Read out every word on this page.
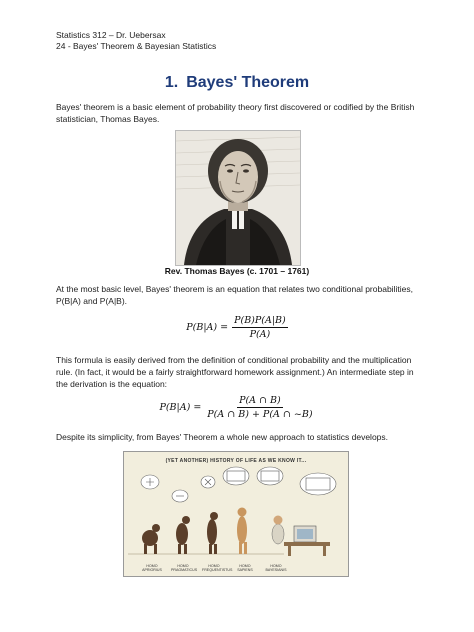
Statistics 312 – Dr. Uebersax
24 - Bayes' Theorem & Bayesian Statistics
1. Bayes' Theorem
Bayes' theorem is a basic element of probability theory first discovered or codified by the British statistician, Thomas Bayes.
Rev. Thomas Bayes (c. 1701 – 1761)
At the most basic level, Bayes' theorem is an equation that relates two conditional probabilities, P(B|A) and P(A|B).
$P(B|A) = \frac{P(B)P(A|B)}{P(A)}$
This formula is easily derived from the definition of conditional probability and the multiplication rule. (In fact, it would be a fairly straightforward homework assignment.) An intermediate step in the derivation is the equation:
$P(B|A) = \frac{P(A \cap B)}{P(A \cap B) + P(A \cap \sim B)}$
Despite its simplicity, from Bayes' Theorem a whole new approach to statistics develops.
(YET ANOTHER) HISTORY OF LIFE AS WE KNOW IT...
HOMO
APRIORIUS
HOMO
PRAGMATICUS
HOMO
FREQUENTISTUS
HOMO
SAPIENS
HOMO
BAYESIANIS
